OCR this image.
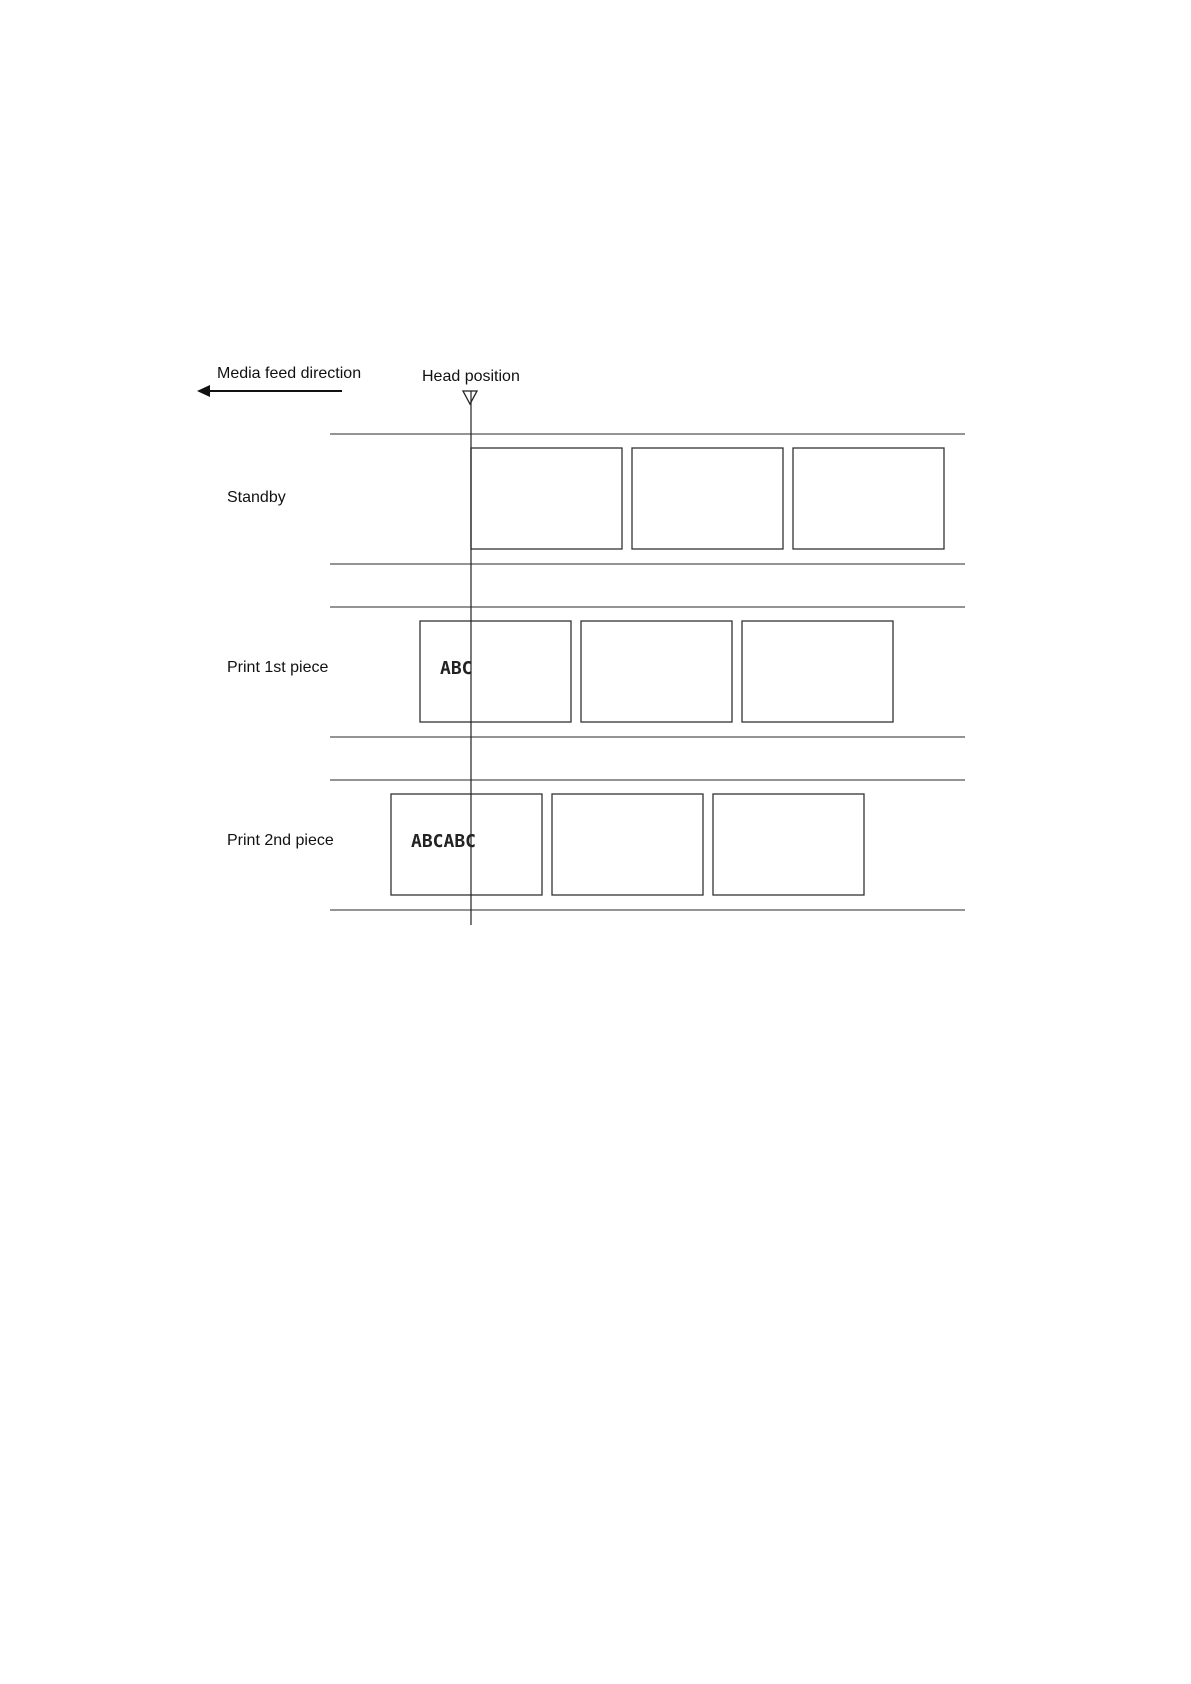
Media feed direction	Head position
Standby
Print 1st piece	ABC
Print 2nd piece	ABCABC
